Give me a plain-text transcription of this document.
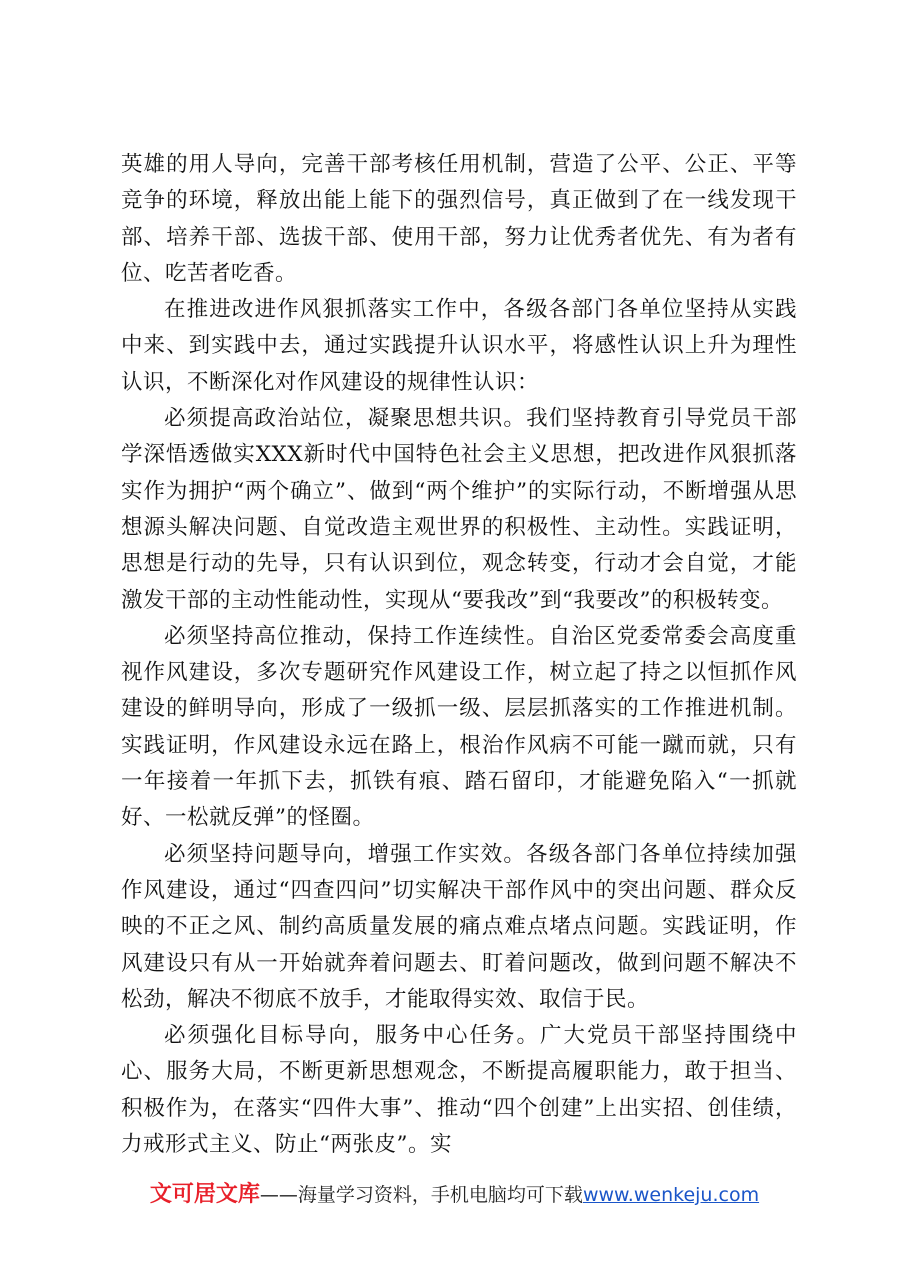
英雄的用人导向，完善干部考核任用机制，营造了公平、公正、平等竞争的环境，释放出能上能下的强烈信号，真正做到了在一线发现干部、培养干部、选拔干部、使用干部，努力让优秀者优先、有为者有位、吃苦者吃香。

在推进改进作风狠抓落实工作中，各级各部门各单位坚持从实践中来、到实践中去，通过实践提升认识水平，将感性认识上升为理性认识，不断深化对作风建设的规律性认识：

必须提高政治站位，凝聚思想共识。我们坚持教育引导党员干部学深悟透做实XXX新时代中国特色社会主义思想，把改进作风狠抓落实作为拥护“两个确立”、做到“两个维护”的实际行动，不断增强从思想源头解决问题、自觉改造主观世界的积极性、主动性。实践证明，思想是行动的先导，只有认识到位，观念转变，行动才会自觉，才能激发干部的主动性能动性，实现从“要我改”到“我要改”的积极转变。

必须坚持高位推动，保持工作连续性。自治区党委常委会高度重视作风建设，多次专题研究作风建设工作，树立起了持之以恒抓作风建设的鲜明导向，形成了一级抓一级、层层抓落实的工作推进机制。实践证明，作风建设永远在路上，根治作风病不可能一蹴而就，只有一年接着一年抓下去，抓铁有痕、踏石留印，才能避免陷入“一抓就好、一松就反弹”的怪圈。

必须坚持问题导向，增强工作实效。各级各部门各单位持续加强作风建设，通过“四查四问”切实解决干部作风中的突出问题、群众反映的不正之风、制约高质量发展的痛点难点堵点问题。实践证明，作风建设只有从一开始就奔着问题去、盯着问题改，做到问题不解决不松劲，解决不彻底不放手，才能取得实效、取信于民。

必须强化目标导向，服务中心任务。广大党员干部坚持围绕中心、服务大局，不断更新思想观念，不断提高履职能力，敢于担当、积极作为，在落实“四件大事”、推动“四个创建”上出实招、创佳绩，力戒形式主义、防止“两张皮”。实

文可居文库——海量学习资料，手机电脑均可下载www.wenkeju.com
